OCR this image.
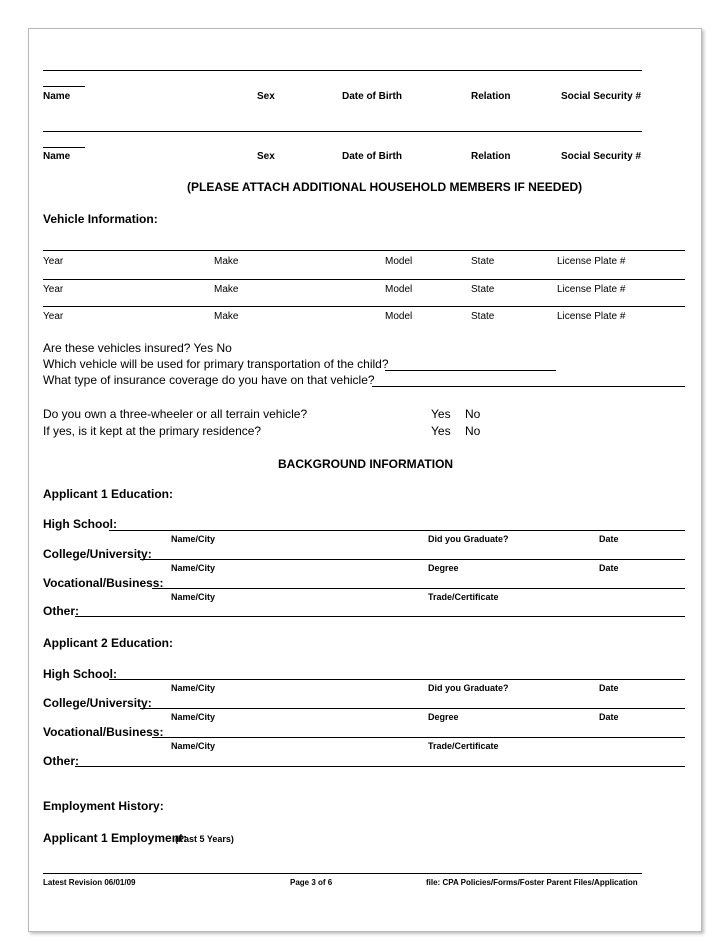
Name	Sex	Date of Birth	Relation	Social Security #
Name	Sex	Date of Birth	Relation	Social Security #
(PLEASE ATTACH ADDITIONAL HOUSEHOLD MEMBERS IF NEEDED)
Vehicle Information:
Year	Make	Model	State	License Plate #
Year	Make	Model	State	License Plate #
Year	Make	Model	State	License Plate #
Are these vehicles insured? Yes No
Which vehicle will be used for primary transportation of the child?
What type of insurance coverage do you have on that vehicle?
Do you own a three-wheeler or all terrain vehicle?	Yes No
If yes, is it kept at the primary residence?	Yes No
BACKGROUND INFORMATION
Applicant 1 Education:
High School:
Name/City	Did you Graduate?	Date
College/University:
Name/City	Degree	Date
Vocational/Business:
Name/City	Trade/Certificate
Other:
Applicant 2 Education:
High School:
Name/City	Did you Graduate?	Date
College/University:
Name/City	Degree	Date
Vocational/Business:
Name/City	Trade/Certificate
Other:
Employment History:
Applicant 1 Employment:
(Past 5 Years)
Latest Revision 06/01/09	Page 3 of 6	file: CPA Policies/Forms/Foster Parent Files/Application
